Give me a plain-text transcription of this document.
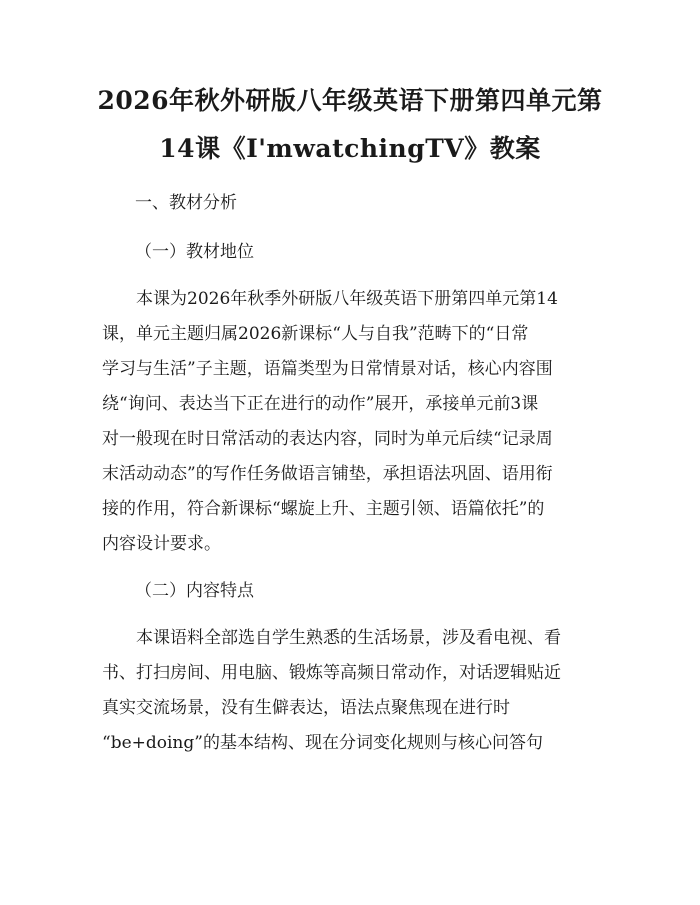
2026年秋外研版八年级英语下册第四单元第
14课《I'mwatchingTV》教案
一、教材分析
（一）教材地位
本课为2026年秋季外研版八年级英语下册第四单元第14
课，单元主题归属2026新课标“人与自我”范畴下的“日常
学习与生活”子主题，语篇类型为日常情景对话，核心内容围
绕“询问、表达当下正在进行的动作”展开，承接单元前3课
对一般现在时日常活动的表达内容，同时为单元后续“记录周
末活动动态”的写作任务做语言铺垫，承担语法巩固、语用衔
接的作用，符合新课标“螺旋上升、主题引领、语篇依托”的
内容设计要求。
（二）内容特点
本课语料全部选自学生熟悉的生活场景，涉及看电视、看
书、打扫房间、用电脑、锻炼等高频日常动作，对话逻辑贴近
真实交流场景，没有生僻表达，语法点聚焦现在进行时
“be+doing”的基本结构、现在分词变化规则与核心问答句
